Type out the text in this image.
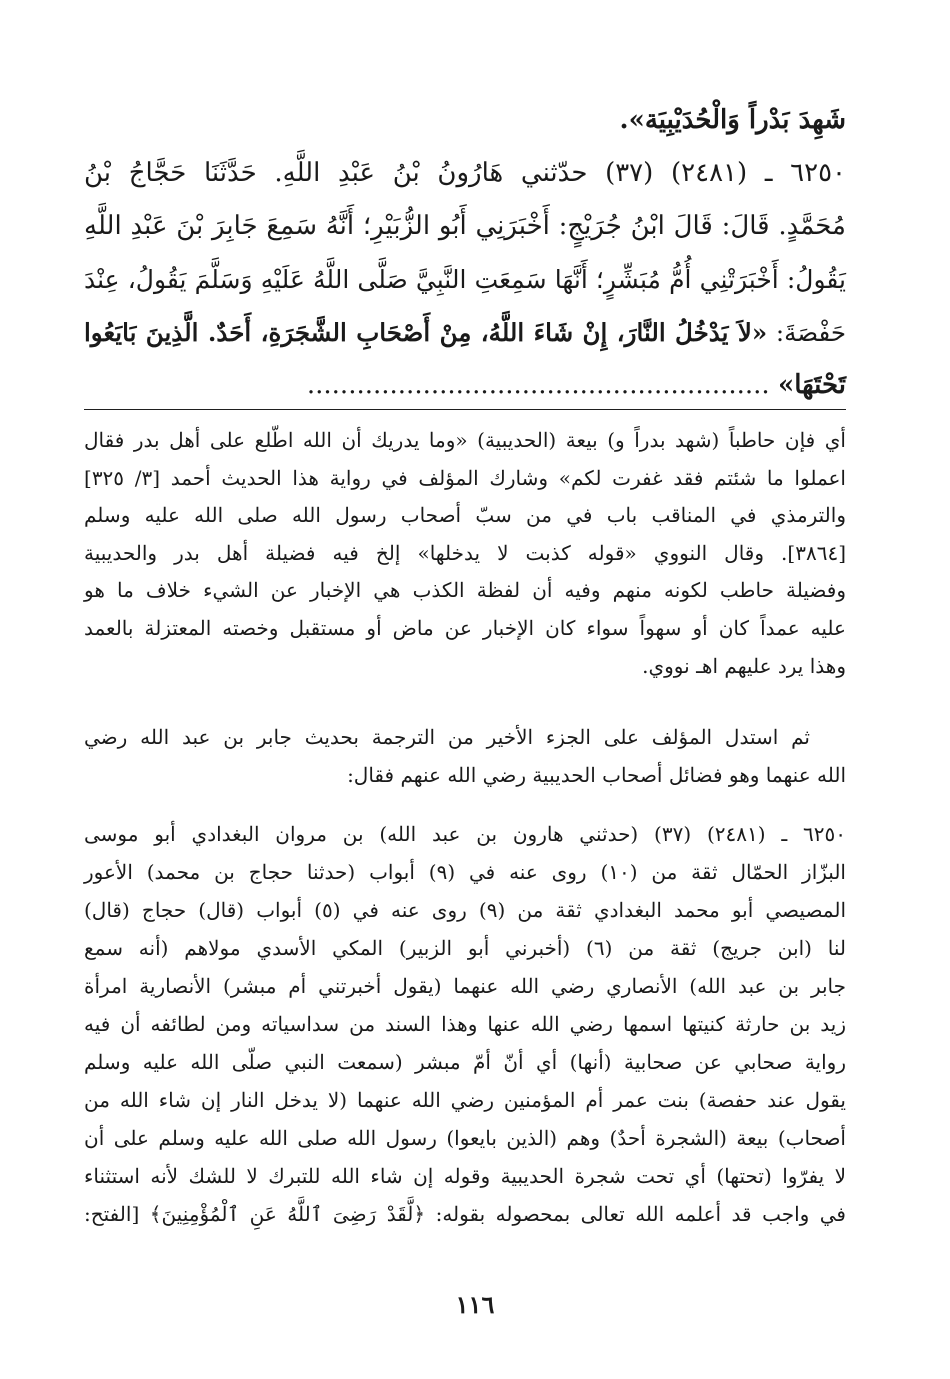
شَهِدَ بَدْراً وَالْحُدَيْبِيَة».
٦٢٥٠ ـ (٢٤٨١) (٣٧) حدّثني هَارُونُ بْنُ عَبْدِ اللَّهِ. حَدَّثَنَا حَجَّاجُ بْنُ
مُحَمَّدٍ. قَالَ: قَالَ ابْنُ جُرَيْجٍ: أَخْبَرَنِي أَبُو الزُّبَيْرِ؛ أَنَّهُ سَمِعَ جَابِرَ بْنَ عَبْدِ اللَّهِ
يَقُولُ: أَخْبَرَتْنِي أُمُّ مُبَشِّرٍ؛ أَنَّهَا سَمِعَتِ النَّبِيَّ صَلَّى اللَّهُ عَلَيْهِ وَسَلَّمَ يَقُولُ، عِنْدَ
حَفْصَةَ: «لاَ يَدْخُلُ النَّارَ، إِنْ شَاءَ اللَّهُ، مِنْ أَصْحَابِ الشَّجَرَةِ، أَحَدٌ. الَّذِينَ بَايَعُوا
تَحْتَهَا» ........................................................
أي فإن حاطباً (شهد بدراً و) بيعة (الحديبية) «وما يدريك أن الله اطّلع على أهل بدر فقال
اعملوا ما شئتم فقد غفرت لكم» وشارك المؤلف في رواية هذا الحديث أحمد [٣/ ٣٢٥]
والترمذي في المناقب باب في من سبّ أصحاب رسول الله صلى الله عليه وسلم
[٣٨٦٤]. وقال النووي «قوله كذبت لا يدخلها» إلخ فيه فضيلة أهل بدر والحديبية
وفضيلة حاطب لكونه منهم وفيه أن لفظة الكذب هي الإخبار عن الشيء خلاف ما هو
عليه عمداً كان أو سهواً سواء كان الإخبار عن ماض أو مستقبل وخصته المعتزلة بالعمد
وهذا يرد عليهم اهـ نووي.
ثم استدل المؤلف على الجزء الأخير من الترجمة بحديث جابر بن عبد الله رضي
الله عنهما وهو فضائل أصحاب الحديبية رضي الله عنهم فقال:
٦٢٥٠ ـ (٢٤٨١) (٣٧) (حدثني هارون بن عبد الله) بن مروان البغدادي أبو موسى
البزّاز الحمّال ثقة من (١٠) روى عنه في (٩) أبواب (حدثنا حجاج بن محمد) الأعور
المصيصي أبو محمد البغدادي ثقة من (٩) روى عنه في (٥) أبواب (قال) حجاج (قال)
لنا (ابن جريج) ثقة من (٦) (أخبرني أبو الزبير) المكي الأسدي مولاهم (أنه سمع
جابر بن عبد الله) الأنصاري رضي الله عنهما (يقول أخبرتني أم مبشر) الأنصارية امرأة
زيد بن حارثة كنيتها اسمها رضي الله عنها وهذا السند من سداسياته ومن لطائفه أن فيه
رواية صحابي عن صحابية (أنها) أي أنّ أمّ مبشر (سمعت النبي صلّى الله عليه وسلم
يقول عند حفصة) بنت عمر أم المؤمنين رضي الله عنهما (لا يدخل النار إن شاء الله من
أصحاب) بيعة (الشجرة أحدٌ) وهم (الذين بايعوا) رسول الله صلى الله عليه وسلم على أن
لا يفرّوا (تحتها) أي تحت شجرة الحديبية وقوله إن شاء الله للتبرك لا للشك لأنه استثناء
في واجب قد أعلمه الله تعالى بمحصوله بقوله: ﴿لَّقَدْ رَضِىَ ٱللَّهُ عَنِ ٱلْمُؤْمِنِينَ﴾ [الفتح:
١١٦
